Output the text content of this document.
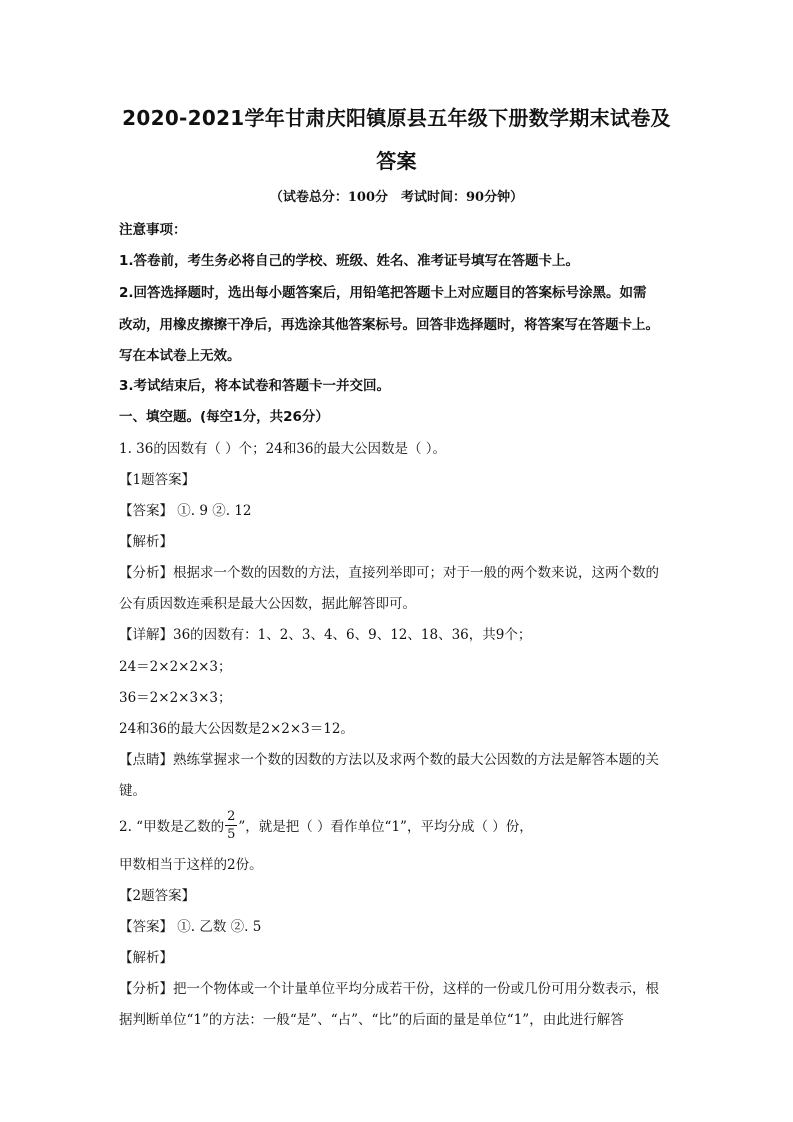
2020-2021学年甘肃庆阳镇原县五年级下册数学期末试卷及
答案
（试卷总分：100分　考试时间：90分钟）
注意事项：
1.答卷前，考生务必将自己的学校、班级、姓名、准考证号填写在答题卡上。
2.回答选择题时，选出每小题答案后，用铅笔把答题卡上对应题目的答案标号涂黑。如需
改动，用橡皮擦擦干净后，再选涂其他答案标号。回答非选择题时，将答案写在答题卡上。
写在本试卷上无效。
3.考试结束后，将本试卷和答题卡一并交回。
一、填空题。(每空1分，共26分）
1. 36的因数有（ ）个；24和36的最大公因数是（ ）。
【1题答案】
【答案】 ①. 9 ②. 12
【解析】
【分析】根据求一个数的因数的方法，直接列举即可；对于一般的两个数来说，这两个数的
公有质因数连乘积是最大公因数，据此解答即可。
【详解】36的因数有：1、2、3、4、6、9、12、18、36，共9个；
24＝2×2×2×3；
36＝2×2×3×3；
24和36的最大公因数是2×2×3＝12。
【点睛】熟练掌握求一个数的因数的方法以及求两个数的最大公因数的方法是解答本题的关
键。
2. “甲数是乙数的 $\frac{2}{5}$ ”，就是把（ ）看作单位“1”，平均分成（ ）份，
甲数相当于这样的2份。
【2题答案】
【答案】 ①. 乙数 ②. 5
【解析】
【分析】把一个物体或一个计量单位平均分成若干份，这样的一份或几份可用分数表示，根
据判断单位“1”的方法：一般“是”、“占”、“比”的后面的量是单位“1”，由此进行解答
